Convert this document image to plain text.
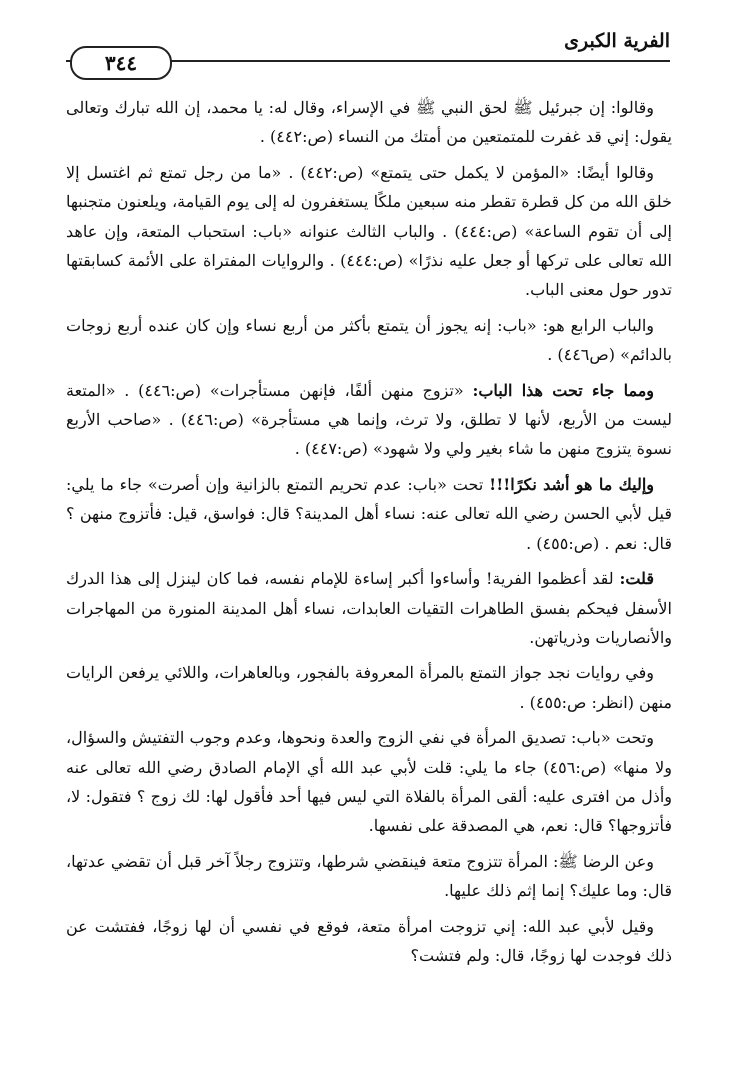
الفرية الكبرى
٣٤٤

وقالوا: إن جبرئيل ﷺ لحق النبي ﷺ في الإسراء، وقال له: يا محمد، إن الله تبارك وتعالى يقول: إني قد غفرت للمتمتعين من أمتك من النساء (ص:٤٤٢) .

وقالوا أيضًا: «المؤمن لا يكمل حتى يتمتع» (ص:٤٤٢) . «ما من رجل تمتع ثم اغتسل إلا خلق الله من كل قطرة تقطر منه سبعين ملكًا يستغفرون له إلى يوم القيامة، ويلعنون متجنبها إلى أن تقوم الساعة» (ص:٤٤٤) . والباب الثالث عنوانه «باب: استحباب المتعة، وإن عاهد الله تعالى على تركها أو جعل عليه نذرًا» (ص:٤٤٤) . والروايات المفتراة على الأئمة كسابقتها تدور حول معنى الباب.

والباب الرابع هو: «باب: إنه يجوز أن يتمتع بأكثر من أربع نساء وإن كان عنده أربع زوجات بالدائم» (ص٤٤٦) .

ومما جاء تحت هذا الباب: «تزوج منهن ألفًا، فإنهن مستأجرات» (ص:٤٤٦) . «المتعة ليست من الأربع، لأنها لا تطلق، ولا ترث، وإنما هي مستأجرة» (ص:٤٤٦) . «صاحب الأربع نسوة يتزوج منهن ما شاء بغير ولي ولا شهود» (ص:٤٤٧) .

وإليك ما هو أشد نكرًا!!! تحت «باب: عدم تحريم التمتع بالزانية وإن أصرت» جاء ما يلي: قيل لأبي الحسن رضي الله تعالى عنه: نساء أهل المدينة؟ قال: فواسق، قيل: فأتزوج منهن ؟ قال: نعم . (ص:٤٥٥) .

قلت: لقد أعظموا الفرية! وأساءوا أكبر إساءة للإمام نفسه، فما كان لينزل إلى هذا الدرك الأسفل فيحكم بفسق الطاهرات التقيات العابدات، نساء أهل المدينة المنورة من المهاجرات والأنصاريات وذرياتهن.

وفي روايات نجد جواز التمتع بالمرأة المعروفة بالفجور، وبالعاهرات، واللائي يرفعن الرايات منهن (انظر: ص:٤٥٥) .

وتحت «باب: تصديق المرأة في نفي الزوج والعدة ونحوها، وعدم وجوب التفتيش والسؤال، ولا منها» (ص:٤٥٦) جاء ما يلي: قلت لأبي عبد الله أي الإمام الصادق رضي الله تعالى عنه وأذل من افترى عليه: ألقى المرأة بالفلاة التي ليس فيها أحد فأقول لها: لك زوج ؟ فتقول: لا، فأتزوجها؟ قال: نعم، هي المصدقة على نفسها.

وعن الرضا ﷺ: المرأة تتزوج متعة فينقضي شرطها، وتتزوج رجلاً آخر قبل أن تقضي عدتها، قال: وما عليك؟ إنما إثم ذلك عليها.

وقيل لأبي عبد الله: إني تزوجت امرأة متعة، فوقع في نفسي أن لها زوجًا، ففتشت عن ذلك فوجدت لها زوجًا، قال: ولم فتشت؟
